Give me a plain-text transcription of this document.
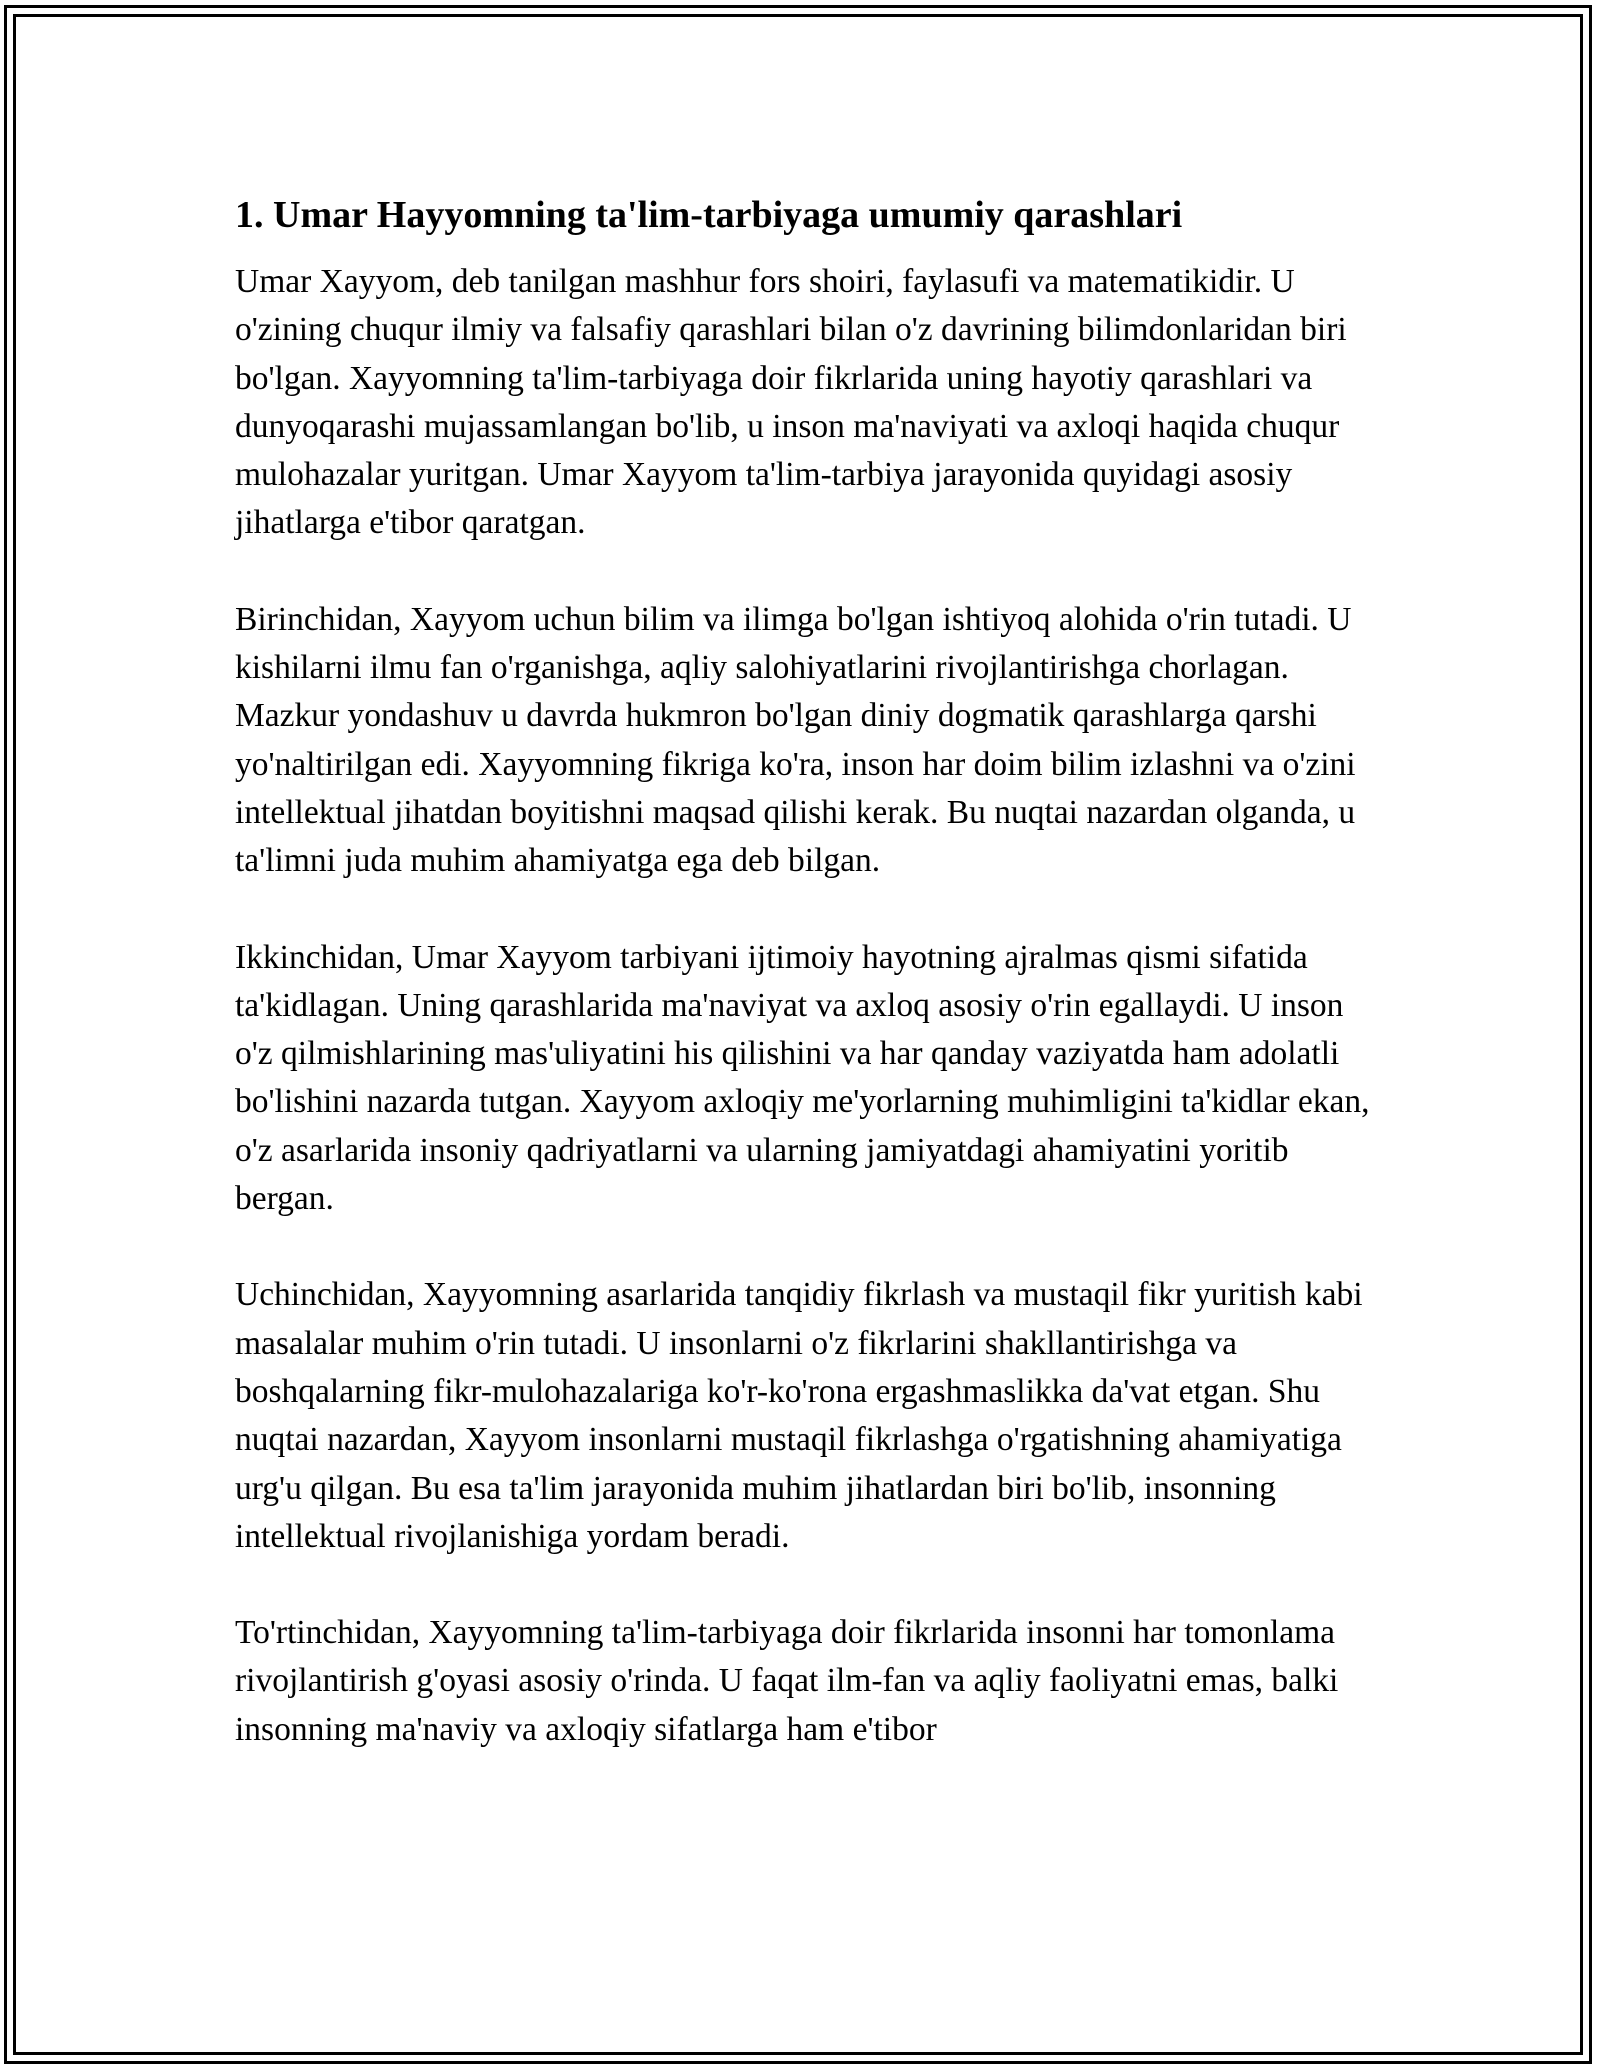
1. Umar Hayyomning ta'lim-tarbiyaga umumiy qarashlari

Umar Xayyom, deb tanilgan mashhur fors shoiri, faylasufi va matematikidir. U o'zining chuqur ilmiy va falsafiy qarashlari bilan o'z davrining bilimdonlaridan biri bo'lgan. Xayyomning ta'lim-tarbiyaga doir fikrlarida uning hayotiy qarashlari va dunyoqarashi mujassamlangan bo'lib, u inson ma'naviyati va axloqi haqida chuqur mulohazalar yuritgan. Umar Xayyom ta'lim-tarbiya jarayonida quyidagi asosiy jihatlarga e'tibor qaratgan.

Birinchidan, Xayyom uchun bilim va ilimga bo'lgan ishtiyoq alohida o'rin tutadi. U kishilarni ilmu fan o'rganishga, aqliy salohiyatlarini rivojlantirishga chorlagan. Mazkur yondashuv u davrda hukmron bo'lgan diniy dogmatik qarashlarga qarshi yo'naltirilgan edi. Xayyomning fikriga ko'ra, inson har doim bilim izlashni va o'zini intellektual jihatdan boyitishni maqsad qilishi kerak. Bu nuqtai nazardan olganda, u ta'limni juda muhim ahamiyatga ega deb bilgan.

Ikkinchidan, Umar Xayyom tarbiyani ijtimoiy hayotning ajralmas qismi sifatida ta'kidlagan. Uning qarashlarida ma'naviyat va axloq asosiy o'rin egallaydi. U inson o'z qilmishlarining mas'uliyatini his qilishini va har qanday vaziyatda ham adolatli bo'lishini nazarda tutgan. Xayyom axloqiy me'yorlarning muhimligini ta'kidlar ekan, o'z asarlarida insoniy qadriyatlarni va ularning jamiyatdagi ahamiyatini yoritib bergan.

Uchinchidan, Xayyomning asarlarida tanqidiy fikrlash va mustaqil fikr yuritish kabi masalalar muhim o'rin tutadi. U insonlarni o'z fikrlarini shakllantirishga va boshqalarning fikr-mulohazalariga ko'r-ko'rona ergashmaslikka da'vat etgan. Shu nuqtai nazardan, Xayyom insonlarni mustaqil fikrlashga o'rgatishning ahamiyatiga urg'u qilgan. Bu esa ta'lim jarayonida muhim jihatlardan biri bo'lib, insonning intellektual rivojlanishiga yordam beradi.

To'rtinchidan, Xayyomning ta'lim-tarbiyaga doir fikrlarida insonni har tomonlama rivojlantirish g'oyasi asosiy o'rinda. U faqat ilm-fan va aqliy faoliyatni emas, balki insonning ma'naviy va axloqiy sifatlarga ham e'tibor
